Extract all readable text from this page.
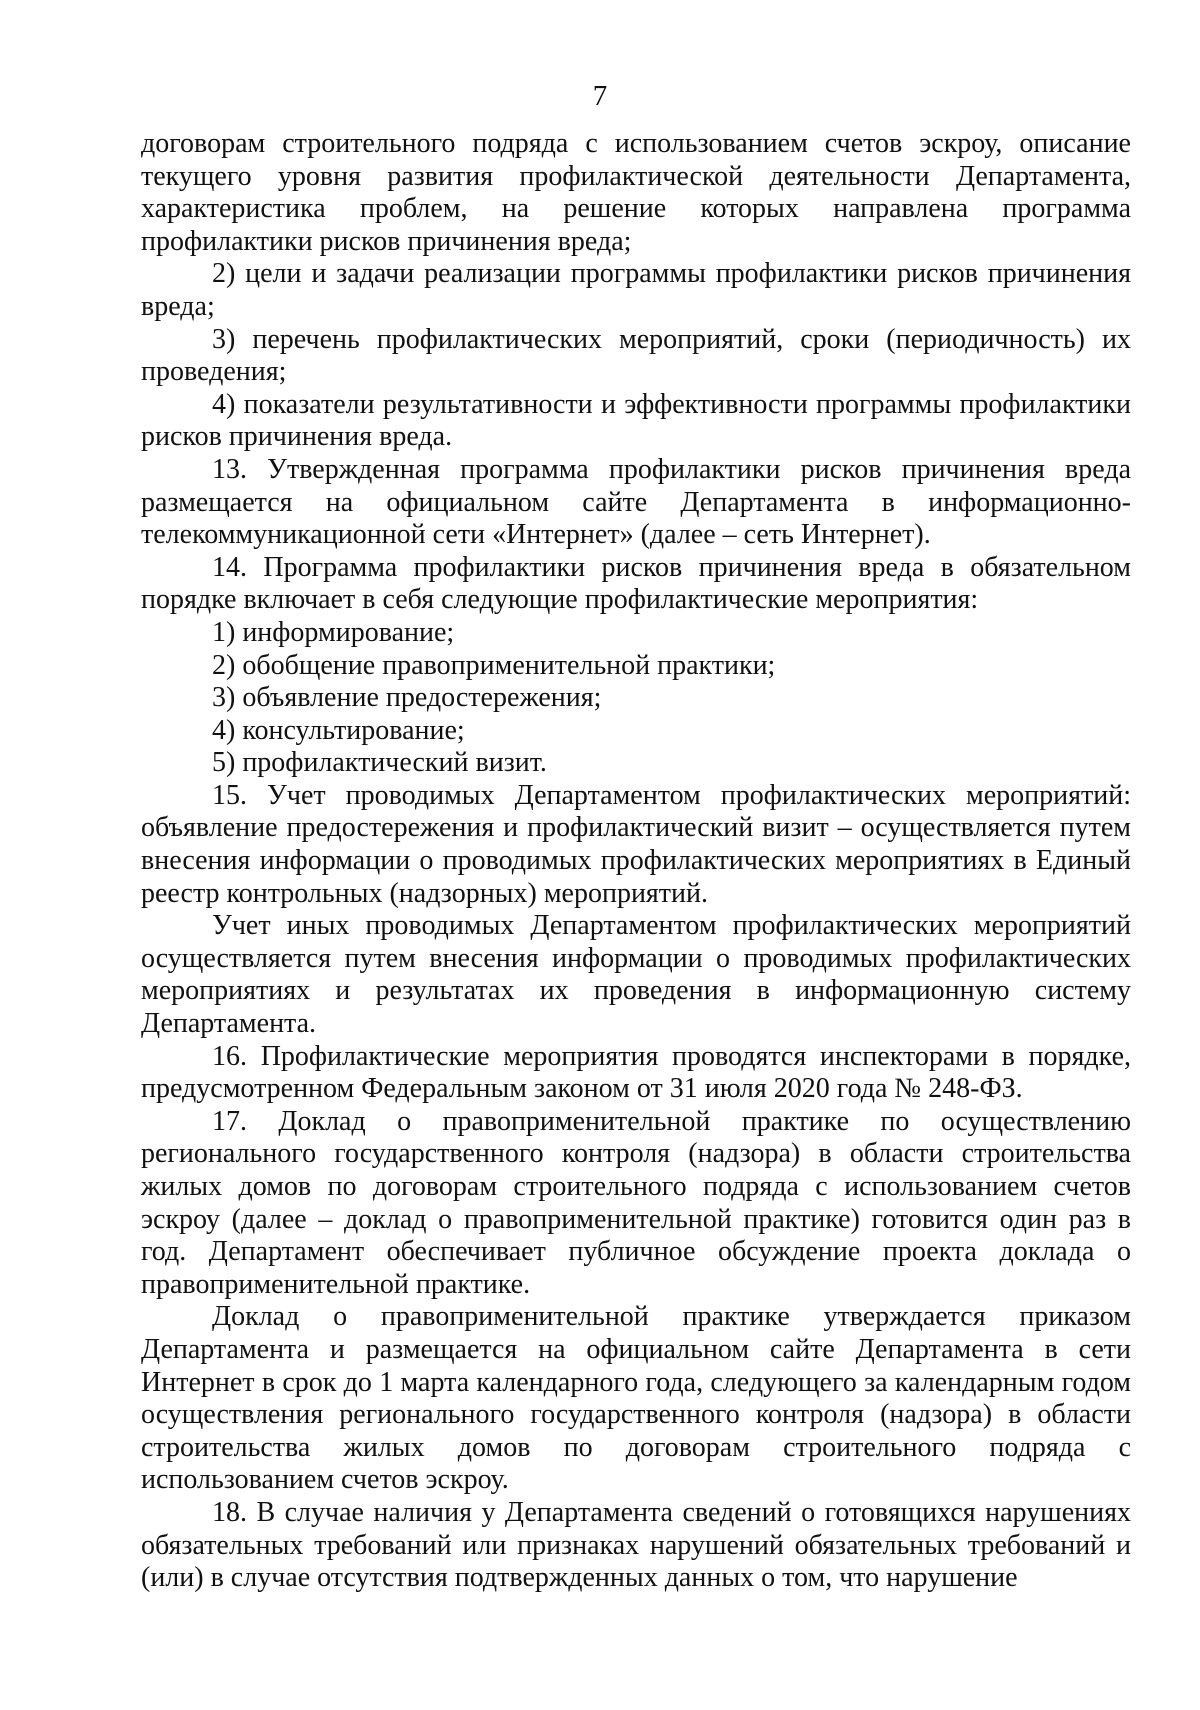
7

договорам строительного подряда с использованием счетов эскроу, описание текущего уровня развития профилактической деятельности Департамента, характеристика проблем, на решение которых направлена программа профилактики рисков причинения вреда;

2) цели и задачи реализации программы профилактики рисков причинения вреда;

3) перечень профилактических мероприятий, сроки (периодичность) их проведения;

4) показатели результативности и эффективности программы профилактики рисков причинения вреда.

13. Утвержденная программа профилактики рисков причинения вреда размещается на официальном сайте Департамента в информационно-телекоммуникационной сети «Интернет» (далее – сеть Интернет).

14. Программа профилактики рисков причинения вреда в обязательном порядке включает в себя следующие профилактические мероприятия:

1) информирование;

2) обобщение правоприменительной практики;

3) объявление предостережения;

4) консультирование;

5) профилактический визит.

15. Учет проводимых Департаментом профилактических мероприятий: объявление предостережения и профилактический визит – осуществляется путем внесения информации о проводимых профилактических мероприятиях в Единый реестр контрольных (надзорных) мероприятий.

Учет иных проводимых Департаментом профилактических мероприятий осуществляется путем внесения информации о проводимых профилактических мероприятиях и результатах их проведения в информационную систему Департамента.

16. Профилактические мероприятия проводятся инспекторами в порядке, предусмотренном Федеральным законом от 31 июля 2020 года № 248-ФЗ.

17. Доклад о правоприменительной практике по осуществлению регионального государственного контроля (надзора) в области строительства жилых домов по договорам строительного подряда с использованием счетов эскроу (далее – доклад о правоприменительной практике) готовится один раз в год. Департамент обеспечивает публичное обсуждение проекта доклада о правоприменительной практике.

Доклад о правоприменительной практике утверждается приказом Департамента и размещается на официальном сайте Департамента в сети Интернет в срок до 1 марта календарного года, следующего за календарным годом осуществления регионального государственного контроля (надзора) в области строительства жилых домов по договорам строительного подряда с использованием счетов эскроу.

18. В случае наличия у Департамента сведений о готовящихся нарушениях обязательных требований или признаках нарушений обязательных требований и (или) в случае отсутствия подтвержденных данных о том, что нарушение
